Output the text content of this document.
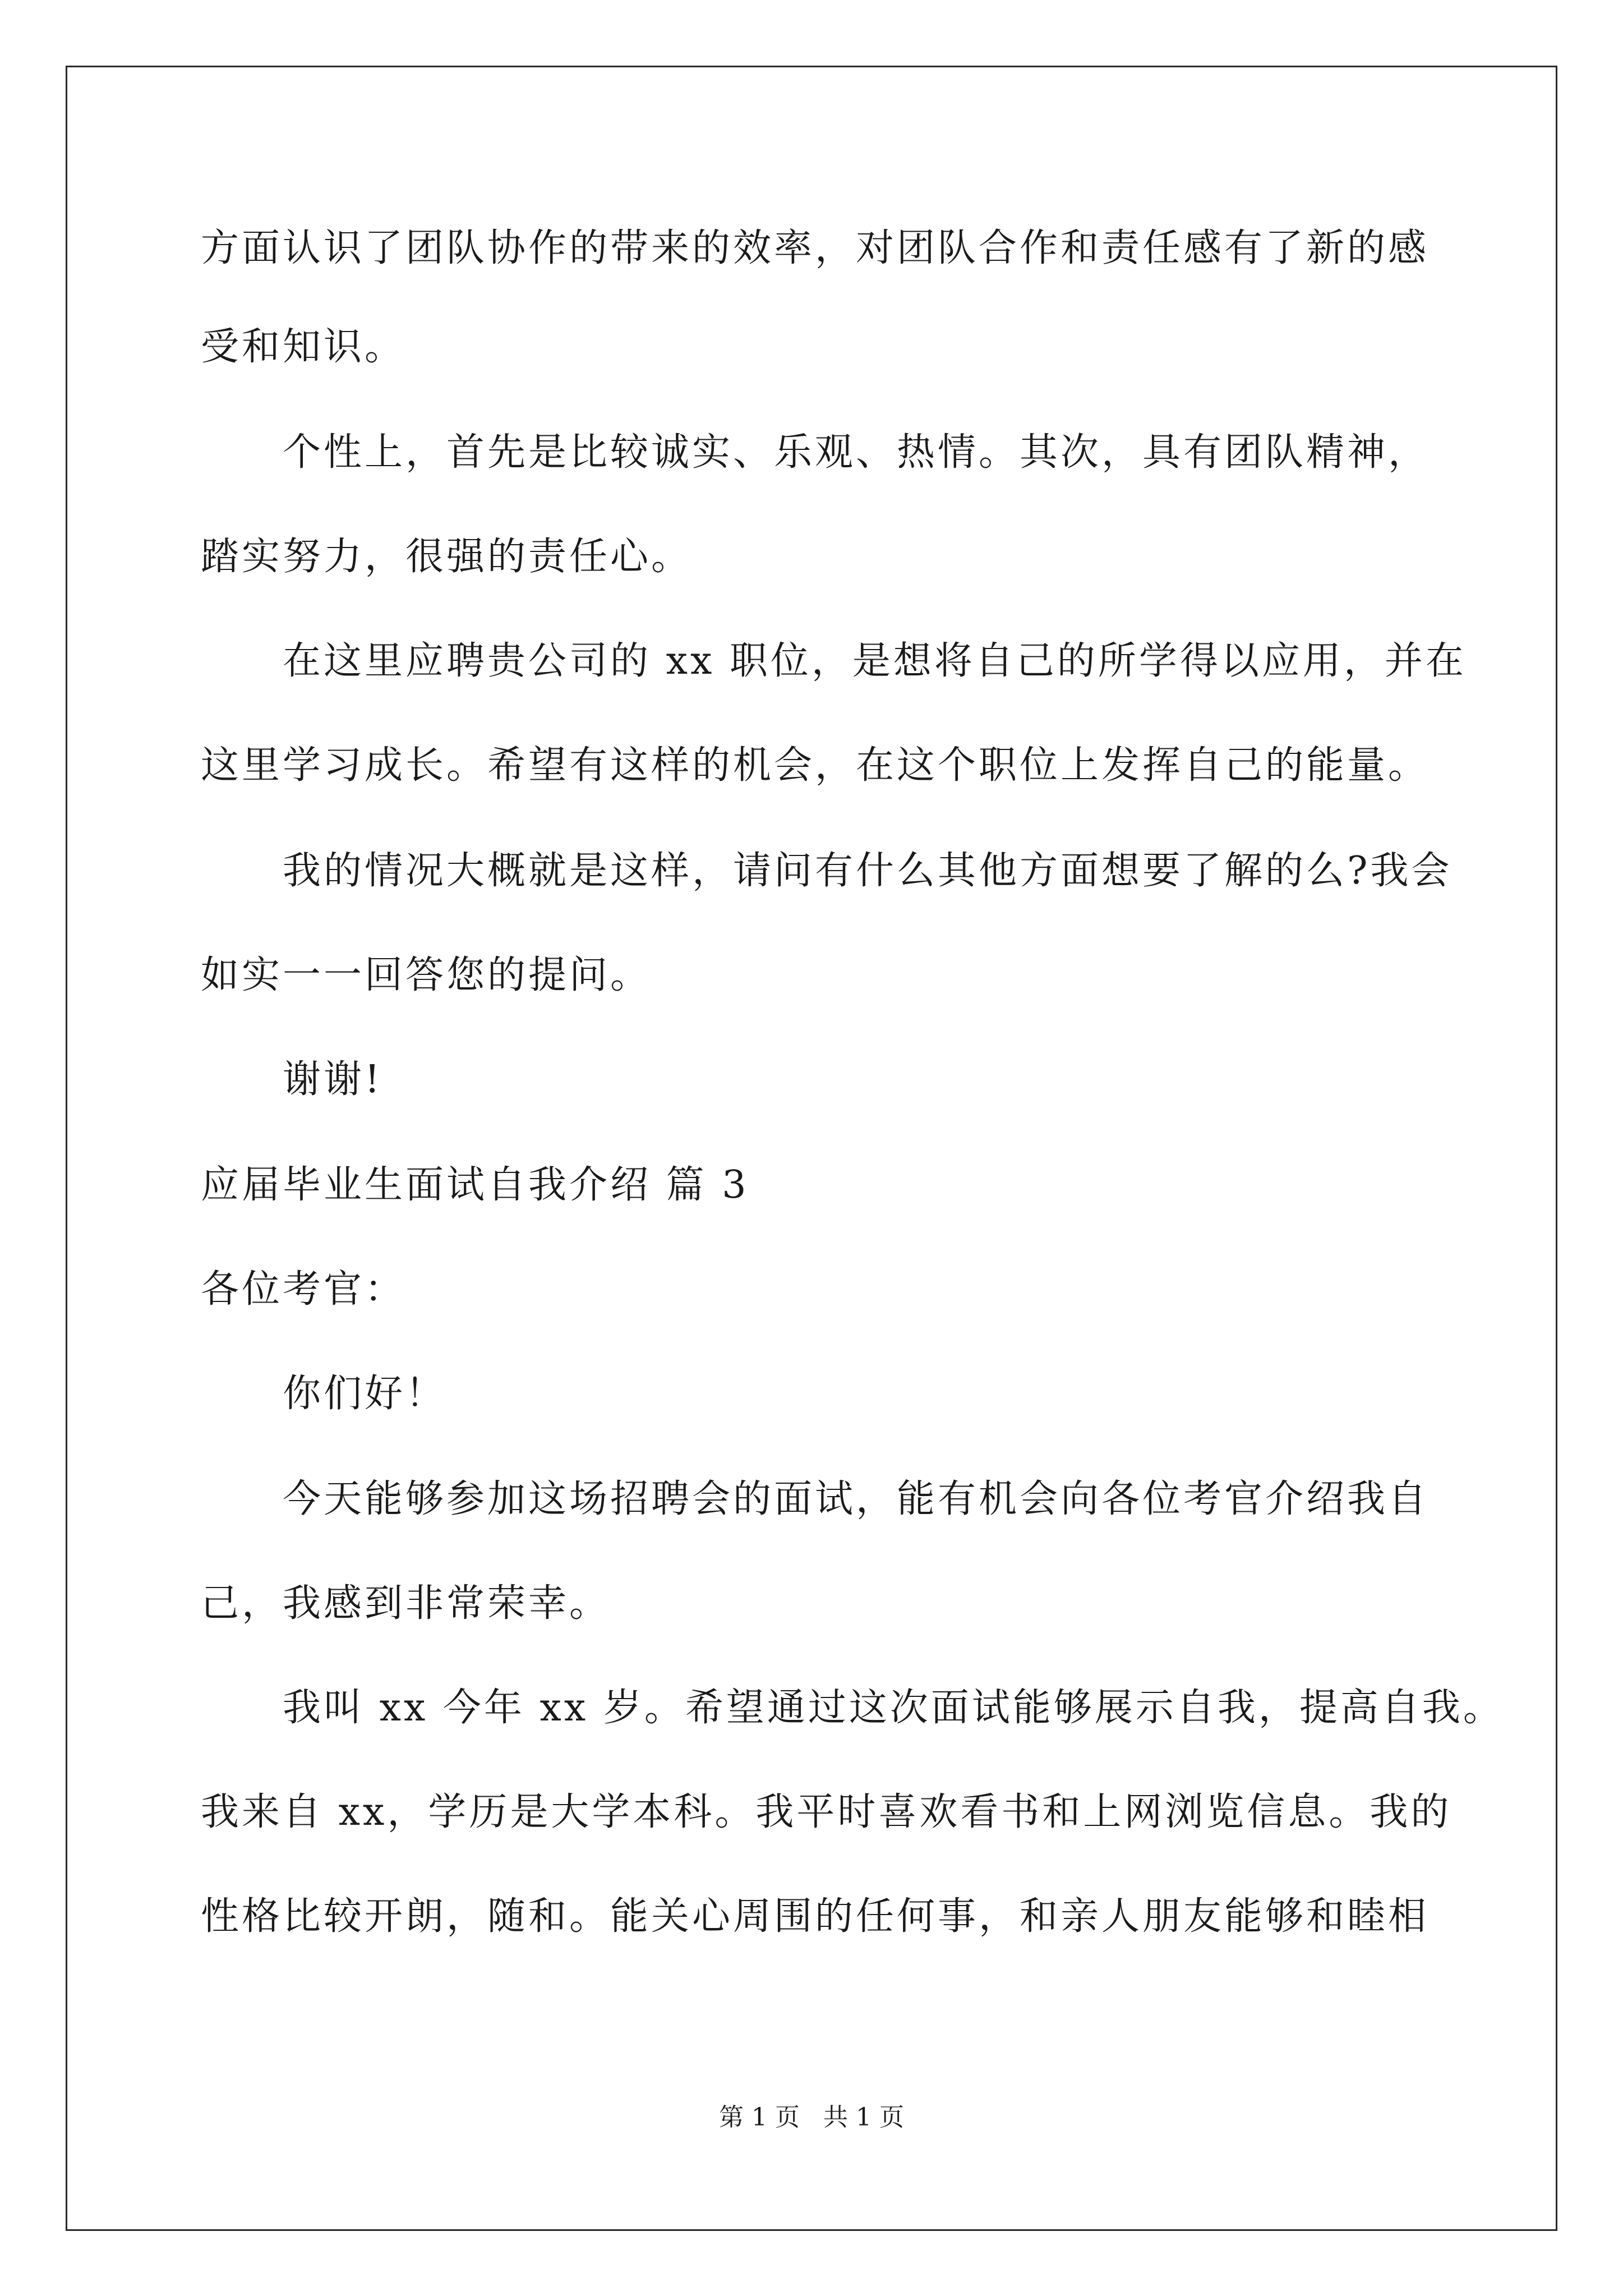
方面认识了团队协作的带来的效率，对团队合作和责任感有了新的感
受和知识。
个性上，首先是比较诚实、乐观、热情。其次，具有团队精神，
踏实努力，很强的责任心。
在这里应聘贵公司的 xx 职位，是想将自己的所学得以应用，并在
这里学习成长。希望有这样的机会，在这个职位上发挥自己的能量。
我的情况大概就是这样，请问有什么其他方面想要了解的么?我会
如实一一回答您的提问。
谢谢!
应届毕业生面试自我介绍 篇 3
各位考官：
你们好！
今天能够参加这场招聘会的面试，能有机会向各位考官介绍我自
己，我感到非常荣幸。
我叫 xx 今年 xx 岁。希望通过这次面试能够展示自我，提高自我。
我来自 xx，学历是大学本科。我平时喜欢看书和上网浏览信息。我的
性格比较开朗，随和。能关心周围的任何事，和亲人朋友能够和睦相
第 1 页 共 1 页
